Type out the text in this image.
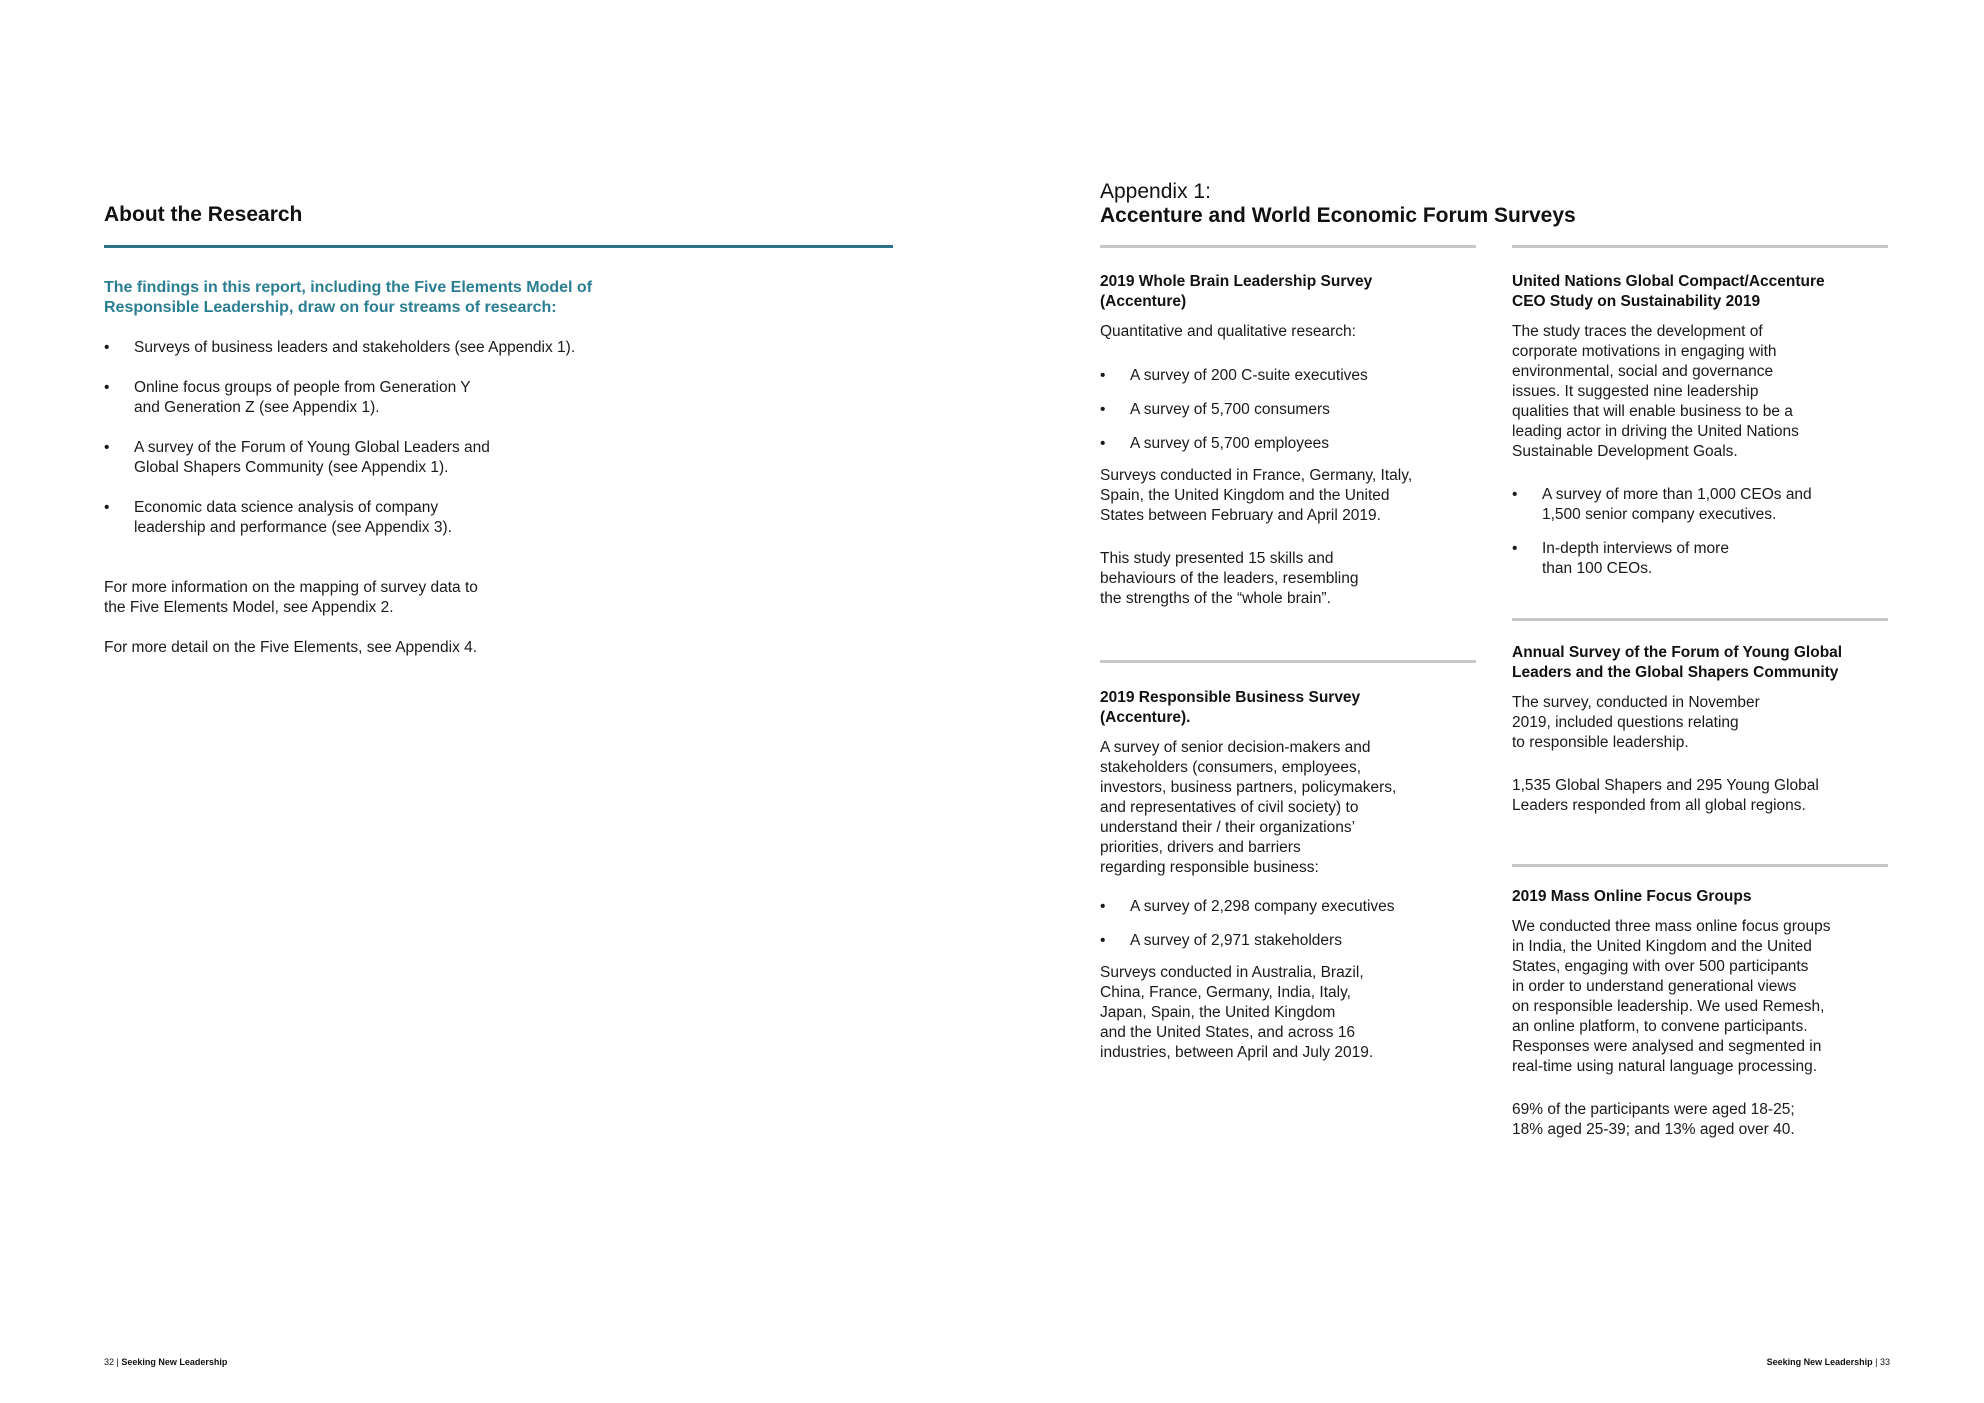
About the Research
The findings in this report, including the Five Elements Model of
Responsible Leadership, draw on four streams of research:
• Surveys of business leaders and stakeholders (see Appendix 1).
• Online focus groups of people from Generation Y
and Generation Z (see Appendix 1).
• A survey of the Forum of Young Global Leaders and
Global Shapers Community (see Appendix 1).
• Economic data science analysis of company
leadership and performance (see Appendix 3).
For more information on the mapping of survey data to
the Five Elements Model, see Appendix 2.
For more detail on the Five Elements, see Appendix 4.
Appendix 1:
Accenture and World Economic Forum Surveys
2019 Whole Brain Leadership Survey
(Accenture)
Quantitative and qualitative research:
• A survey of 200 C-suite executives
• A survey of 5,700 consumers
• A survey of 5,700 employees
Surveys conducted in France, Germany, Italy,
Spain, the United Kingdom and the United
States between February and April 2019.
This study presented 15 skills and
behaviours of the leaders, resembling
the strengths of the “whole brain”.
2019 Responsible Business Survey
(Accenture).
A survey of senior decision-makers and
stakeholders (consumers, employees,
investors, business partners, policymakers,
and representatives of civil society) to
understand their / their organizations’
priorities, drivers and barriers
regarding responsible business:
• A survey of 2,298 company executives
• A survey of 2,971 stakeholders
Surveys conducted in Australia, Brazil,
China, France, Germany, India, Italy,
Japan, Spain, the United Kingdom
and the United States, and across 16
industries, between April and July 2019.
United Nations Global Compact/Accenture
CEO Study on Sustainability 2019
The study traces the development of
corporate motivations in engaging with
environmental, social and governance
issues. It suggested nine leadership
qualities that will enable business to be a
leading actor in driving the United Nations
Sustainable Development Goals.
• A survey of more than 1,000 CEOs and
1,500 senior company executives.
• In-depth interviews of more
than 100 CEOs.
Annual Survey of the Forum of Young Global
Leaders and the Global Shapers Community
The survey, conducted in November
2019, included questions relating
to responsible leadership.
1,535 Global Shapers and 295 Young Global
Leaders responded from all global regions.
2019 Mass Online Focus Groups
We conducted three mass online focus groups
in India, the United Kingdom and the United
States, engaging with over 500 participants
in order to understand generational views
on responsible leadership. We used Remesh,
an online platform, to convene participants.
Responses were analysed and segmented in
real-time using natural language processing.
69% of the participants were aged 18-25;
18% aged 25-39; and 13% aged over 40.
32 | Seeking New Leadership	Seeking New Leadership | 33
